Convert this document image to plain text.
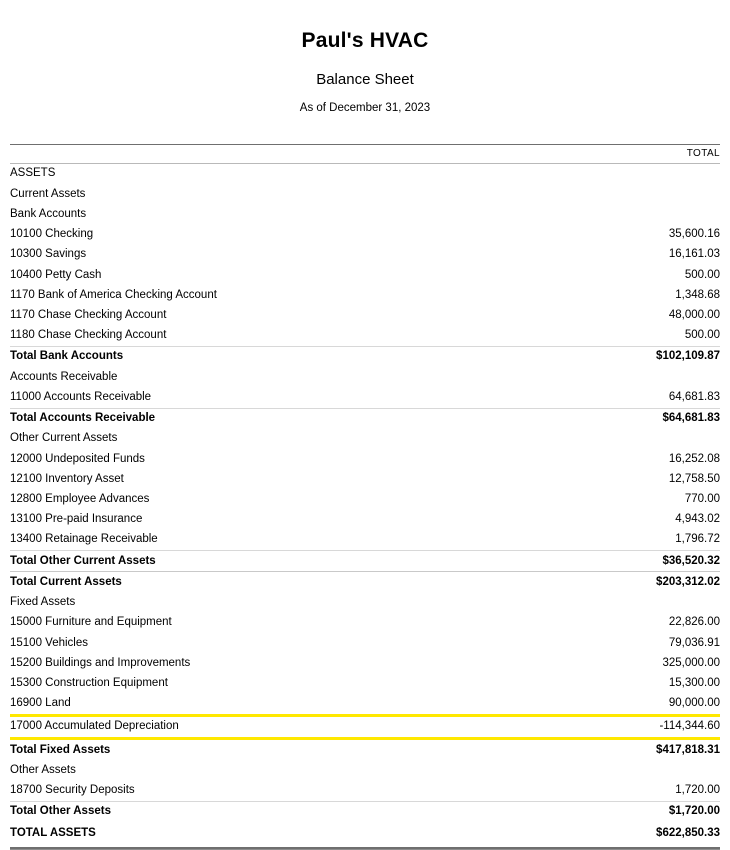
Paul's HVAC
Balance Sheet
As of December 31, 2023
	TOTAL
ASSETS	
Current Assets	
Bank Accounts	
10100 Checking	35,600.16
10300 Savings	16,161.03
10400 Petty Cash	500.00
1170 Bank of America Checking Account	1,348.68
1170 Chase Checking Account	48,000.00
1180 Chase Checking Account	500.00
Total Bank Accounts	$102,109.87
Accounts Receivable	
11000 Accounts Receivable	64,681.83
Total Accounts Receivable	$64,681.83
Other Current Assets	
12000 Undeposited Funds	16,252.08
12100 Inventory Asset	12,758.50
12800 Employee Advances	770.00
13100 Pre-paid Insurance	4,943.02
13400 Retainage Receivable	1,796.72
Total Other Current Assets	$36,520.32
Total Current Assets	$203,312.02
Fixed Assets	
15000 Furniture and Equipment	22,826.00
15100 Vehicles	79,036.91
15200 Buildings and Improvements	325,000.00
15300 Construction Equipment	15,300.00
16900 Land	90,000.00
17000 Accumulated Depreciation	-114,344.60
Total Fixed Assets	$417,818.31
Other Assets	
18700 Security Deposits	1,720.00
Total Other Assets	$1,720.00
TOTAL ASSETS	$622,850.33
